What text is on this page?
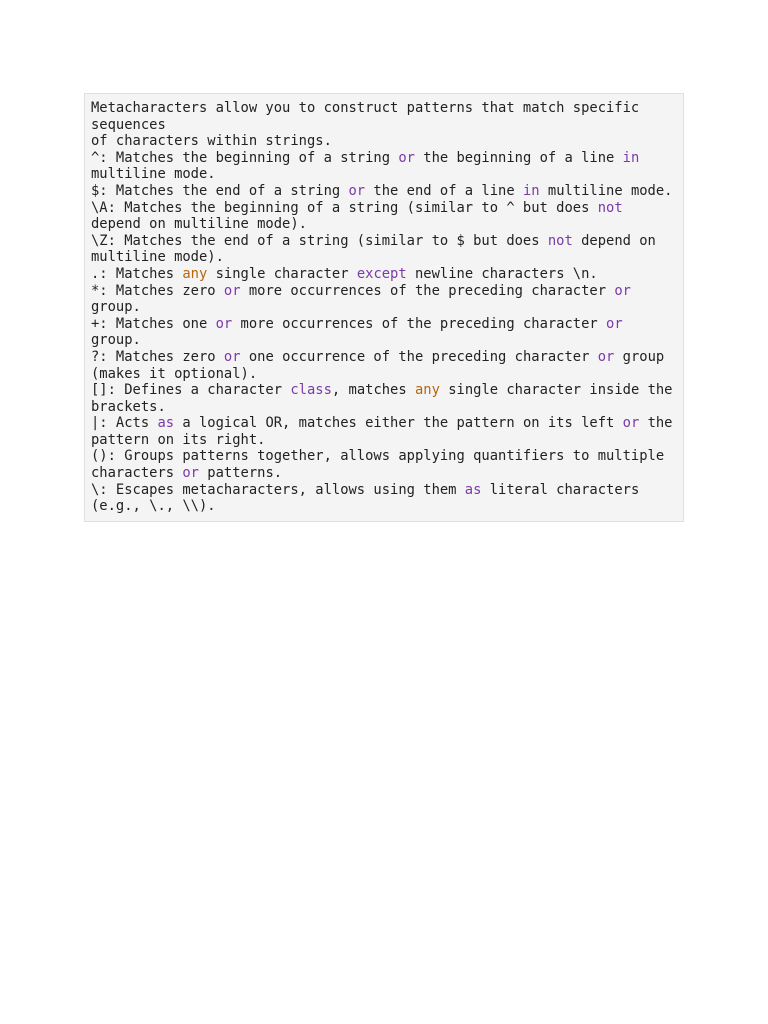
Metacharacters allow you to construct patterns that match specific
sequences
of characters within strings.
^: Matches the beginning of a string or the beginning of a line in
multiline mode.
$: Matches the end of a string or the end of a line in multiline mode.
\A: Matches the beginning of a string (similar to ^ but does not
depend on multiline mode).
\Z: Matches the end of a string (similar to $ but does not depend on
multiline mode).
.: Matches any single character except newline characters \n.
*: Matches zero or more occurrences of the preceding character or
group.
+: Matches one or more occurrences of the preceding character or
group.
?: Matches zero or one occurrence of the preceding character or group
(makes it optional).
[]: Defines a character class, matches any single character inside the
brackets.
|: Acts as a logical OR, matches either the pattern on its left or the
pattern on its right.
(): Groups patterns together, allows applying quantifiers to multiple
characters or patterns.
\: Escapes metacharacters, allows using them as literal characters
(e.g., \., \\).
